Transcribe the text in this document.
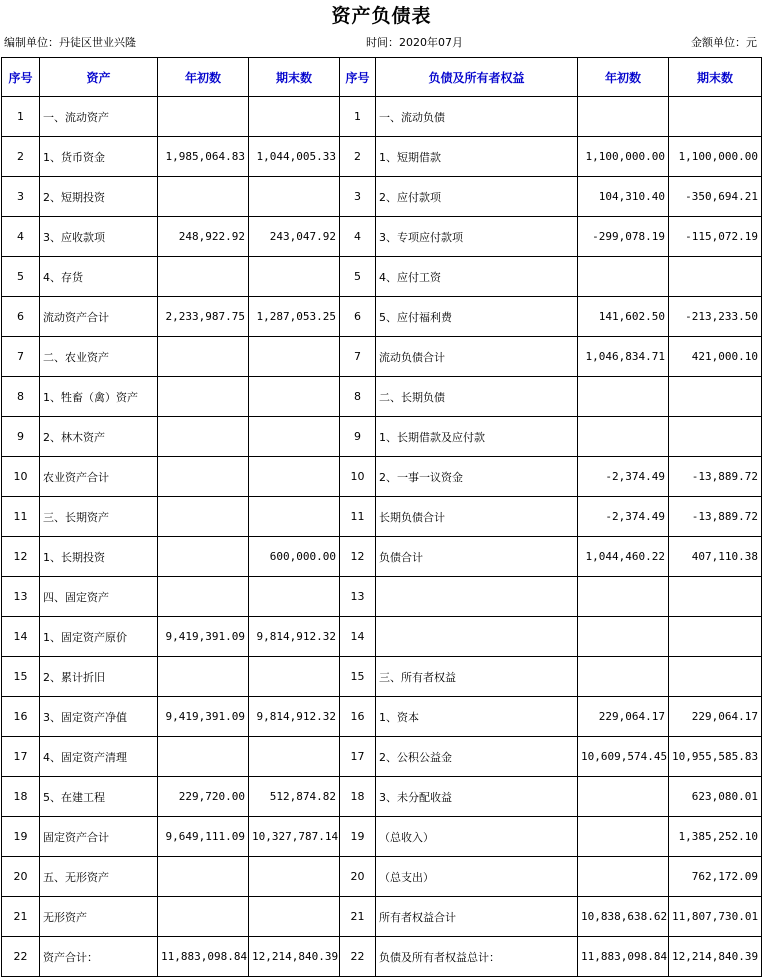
资产负债表
编制单位：丹徒区世业兴隆	时间：2020年07月	金额单位：元
序号	资产	年初数	期末数	序号	负债及所有者权益	年初数	期末数
1	一、流动资产			1	一、流动负债		
2	1、货币资金	1,985,064.83	1,044,005.33	2	1、短期借款	1,100,000.00	1,100,000.00
3	2、短期投资			3	2、应付款项	104,310.40	-350,694.21
4	3、应收款项	248,922.92	243,047.92	4	3、专项应付款项	-299,078.19	-115,072.19
5	4、存货			5	4、应付工资		
6	流动资产合计	2,233,987.75	1,287,053.25	6	5、应付福利费	141,602.50	-213,233.50
7	二、农业资产			7	流动负债合计	1,046,834.71	421,000.10
8	1、牲畜（禽）资产			8	二、长期负债		
9	2、林木资产			9	1、长期借款及应付款		
10	农业资产合计			10	2、一事一议资金	-2,374.49	-13,889.72
11	三、长期资产			11	长期负债合计	-2,374.49	-13,889.72
12	1、长期投资		600,000.00	12	负债合计	1,044,460.22	407,110.38
13	四、固定资产			13			
14	1、固定资产原价	9,419,391.09	9,814,912.32	14			
15	2、累计折旧			15	三、所有者权益		
16	3、固定资产净值	9,419,391.09	9,814,912.32	16	1、资本	229,064.17	229,064.17
17	4、固定资产清理			17	2、公积公益金	10,609,574.45	10,955,585.83
18	5、在建工程	229,720.00	512,874.82	18	3、未分配收益		623,080.01
19	固定资产合计	9,649,111.09	10,327,787.14	19	（总收入）		1,385,252.10
20	五、无形资产			20	（总支出）		762,172.09
21	无形资产			21	所有者权益合计	10,838,638.62	11,807,730.01
22	资产合计：	11,883,098.84	12,214,840.39	22	负债及所有者权益总计：	11,883,098.84	12,214,840.39
